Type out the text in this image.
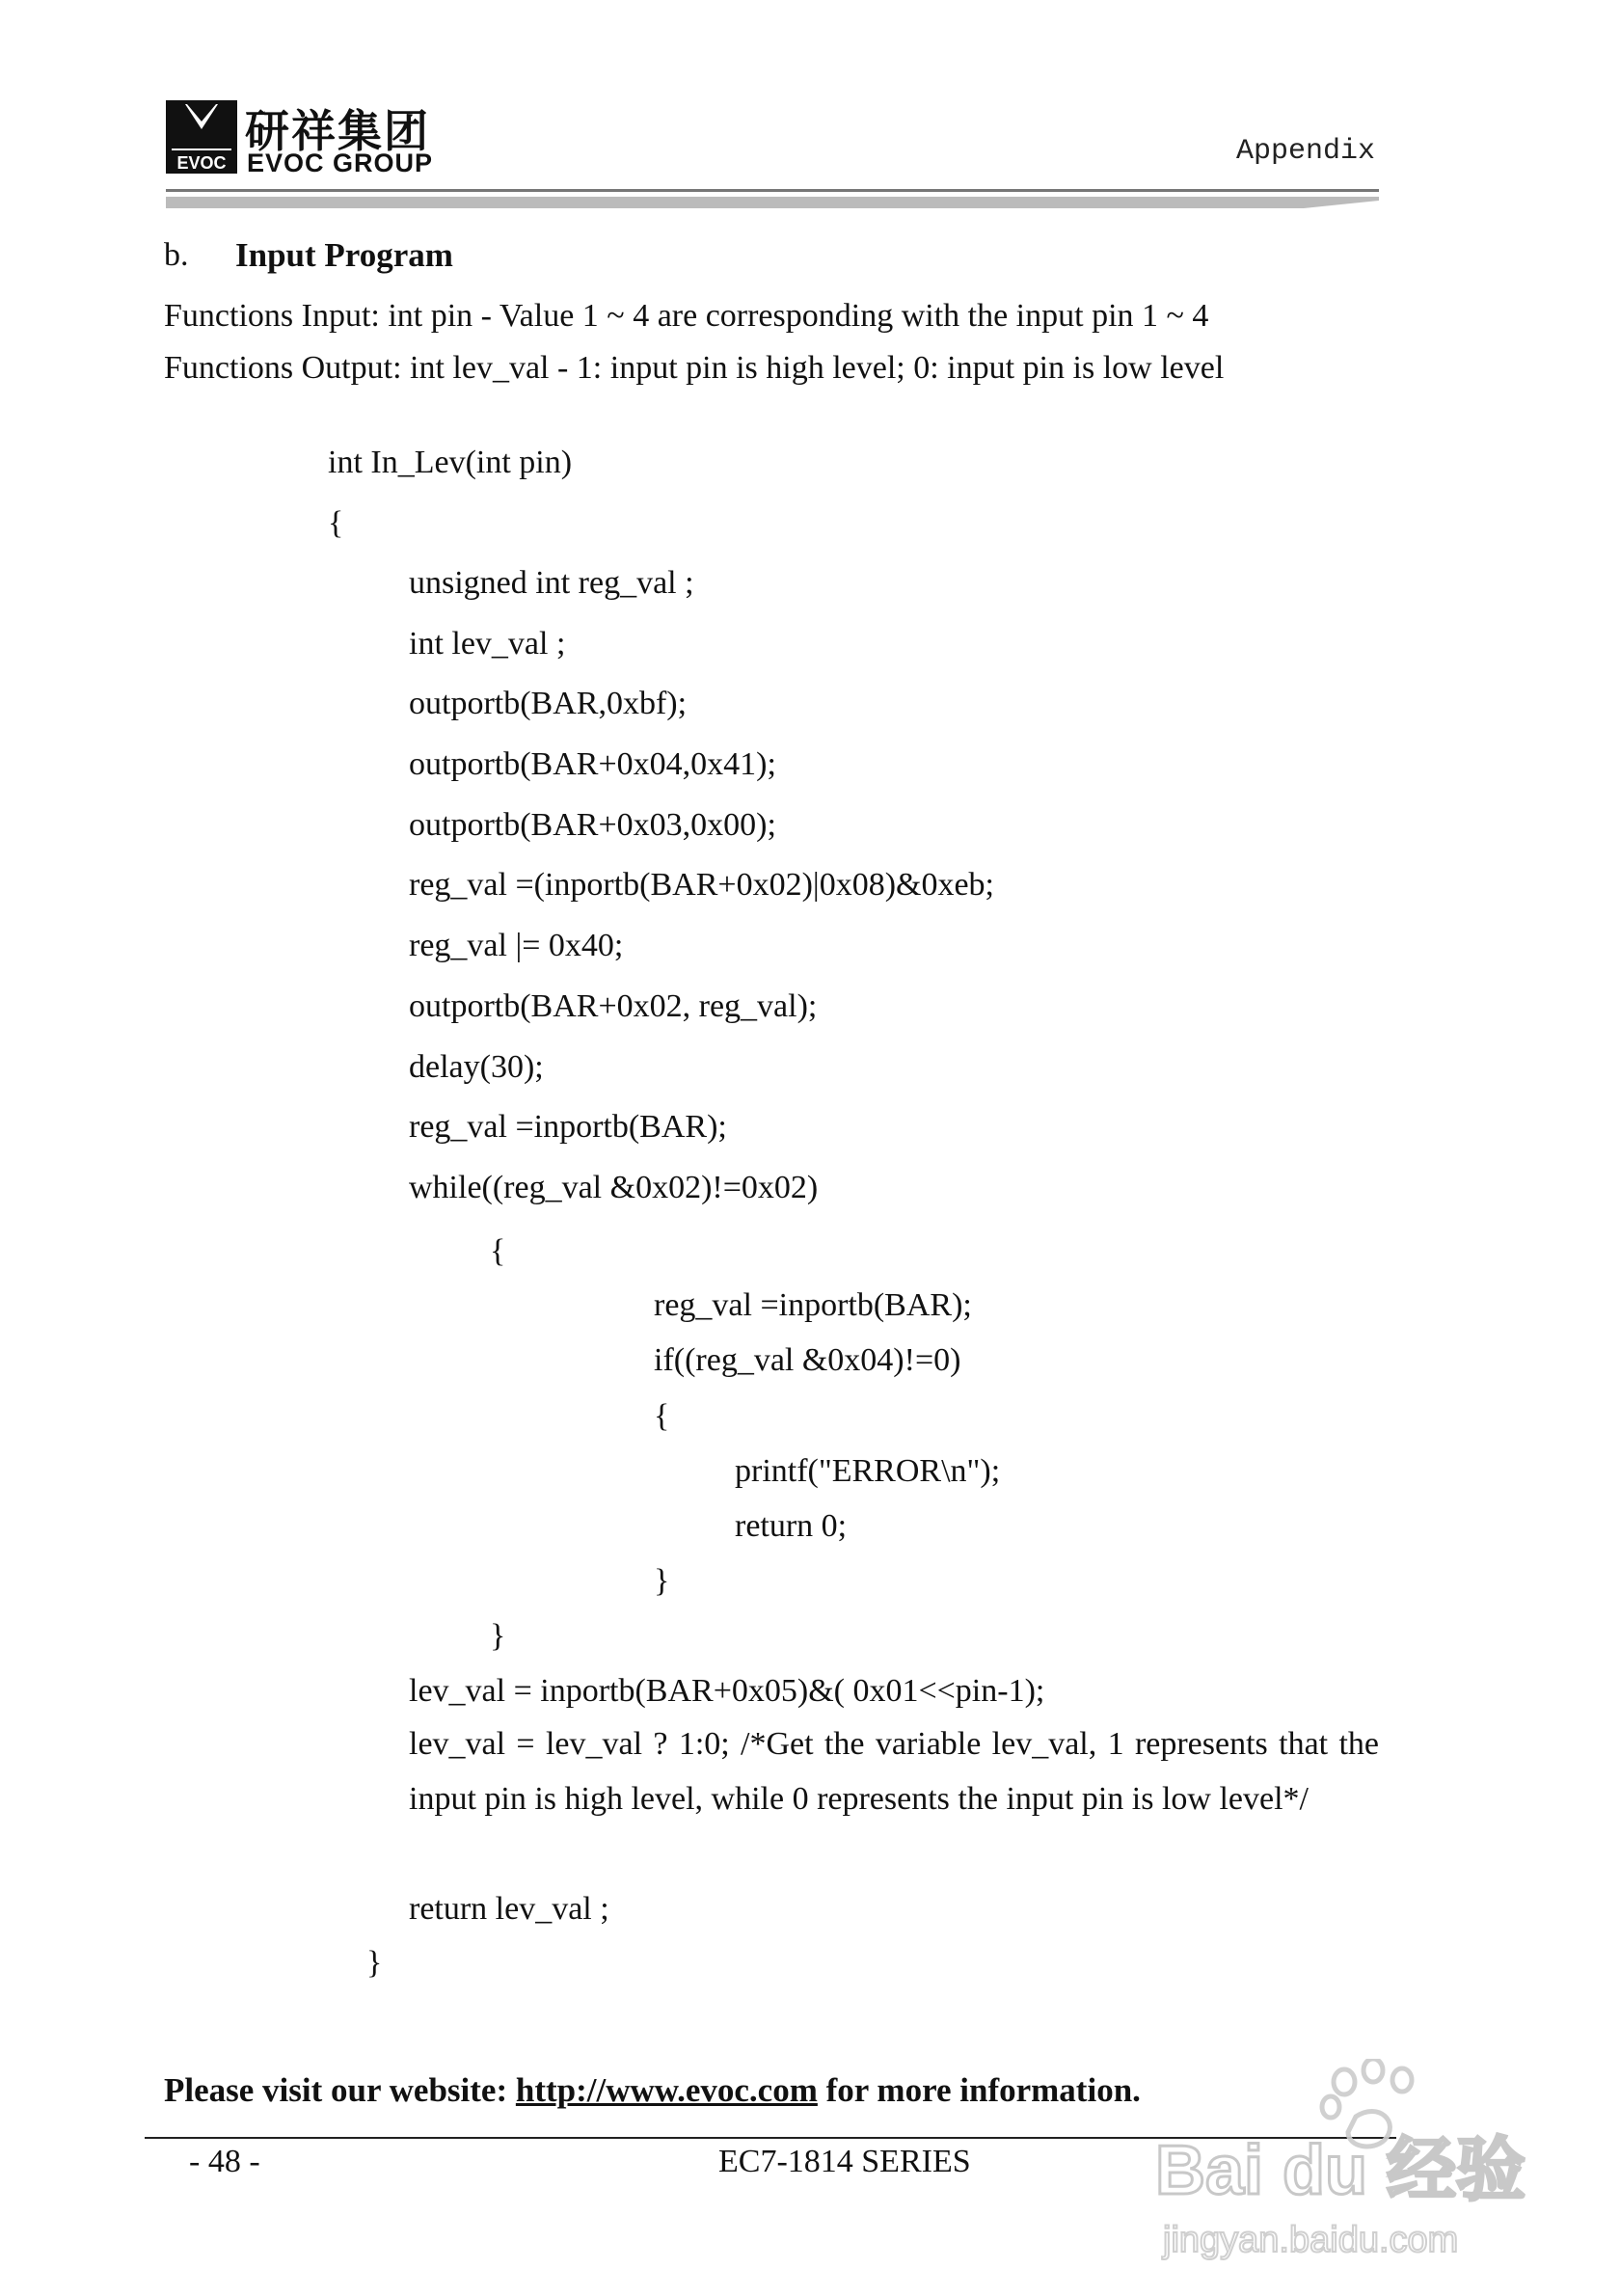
EVOC
研祥集团
EVOC GROUP	Appendix
b. Input Program
Functions Input: int pin - Value 1 ~ 4 are corresponding with the input pin 1 ~ 4
Functions Output: int lev_val - 1: input pin is high level; 0: input pin is low level
int In_Lev(int pin)
{
unsigned int reg_val ;
int lev_val ;
outportb(BAR,0xbf);
outportb(BAR+0x04,0x41);
outportb(BAR+0x03,0x00);
reg_val =(inportb(BAR+0x02)|0x08)&0xeb;
reg_val |= 0x40;
outportb(BAR+0x02, reg_val);
delay(30);
reg_val =inportb(BAR);
while((reg_val &0x02)!=0x02)
{
reg_val =inportb(BAR);
if((reg_val &0x04)!=0)
{
printf("ERROR\n");
return 0;
}
}
lev_val = inportb(BAR+0x05)&( 0x01<<pin-1);
lev_val = lev_val ? 1:0; /*Get the variable lev_val, 1 represents that the input pin is high level, while 0 represents the input pin is low level*/
return lev_val ;
}
Please visit our website: http://www.evoc.com for more information.
- 48 -	EC7-1814 SERIES	Bai du 经验
jingyan.baidu.com
